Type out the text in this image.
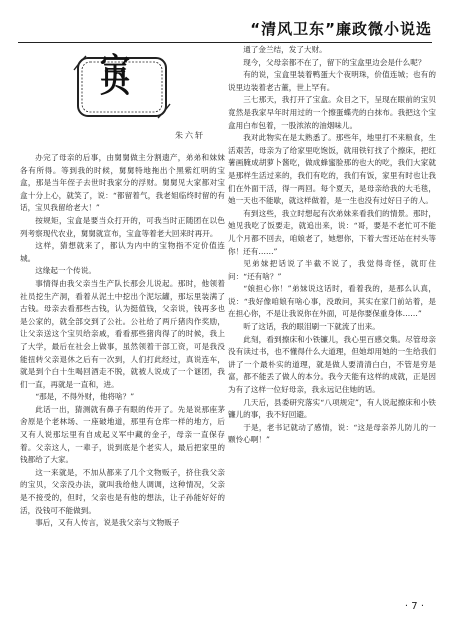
“清风卫东”廉政微小说选
宝 贝
朱六轩

办完了母亲的后事，由舅舅做主分割遗产，弟弟和妹妹各有所得。等到我的时候，舅舅特地拖出个黑紫红明的宝盒，那是当年侄子去世时我家分的浮财。舅舅见大家都对宝盒十分上心，就笑了，说：“都留着气，我老姐临终时留的有话，宝贝我留给老大！”

按规矩，宝盒是要当众打开的，可我当时正随团在以色列考察现代农业，舅舅就宣布，宝盒等着老大回来时再开。

这样，猜想就来了，都认为内中的宝物指不定价值连城。

这缘起一个传说。

事情得由我父亲当生产队长那会儿说起。那时，他领着社员挖生产洞，看着从泥土中挖出个泥坛罐，那坛里装满了古钱。母亲去看那些古钱，认为挺值钱，父亲说，钱再多也是公家的，就全部交到了公社。公社给了两斤猪肉作奖励，让父亲送这个宝贝给亲戚，看看那些猪肉得了的时候，我上了大学，最后在社会上做事，虽然领着干部工资，可是我没能扭转父亲退休之后有一次到，人们打此经过，真说连车，就是到个白十生喝回酒走不脱，就被人说成了一个谜团，我们一直，再就是一直和，进。

“那是，不得外财，他将啥？”

此话一出，猜测就有鼻子有眼的传开了。先是说那座茅舍原是个老林场、一座破地道，那里有仓库一样的地方，后又有人说那坛里有自成起义军中藏的金子，母亲一直保存着。父亲这人，一辈子，说到底是个老实人，最后把家里的钱都给了大家。

这一来就是，不加从都来了几个文物贩子，挤住我父亲的宝贝，父亲没办法，就叫我给他人调调，这种情况，父亲是不接受的，但时，父亲也是有他的想法，让子孙能好好的活，没钱可不能做到。

事后，又有人传言，说是我父亲与文物贩子

通了金兰结，发了大财。

现今，父母亲都不在了，留下的宝盒里边会是什么呢？

有的说，宝盒里装着鸭蛋大个夜明珠，价值连城；也有的说里边装着老古董，世上罕有。

三七那天，我打开了宝盒。众目之下，呈现在眼前的宝贝竟然是我家早年时用过的一个擦蛋蝶壳的白抹布。我把这个宝盒用白布包着，一股浓浓的油烟味儿。

我对此物实在是太熟悉了。那些年，地里打不来粮食，生活艰苦，母亲为了给家里吃饱饭，就用铁钉找了个擦床，把红薯画腌成胡萝卜酱吃，做成蜂蜜脸那的也大的吃，我们大家就是那样生活过来的，我们有吃的，我们有饭，家里有时也让我们在外面干活，得一两回。每个夏天，是母亲给我的大毛毯，她一天也不能歇，就这样做着，是一生也没有过好日子的人。

有到这些，我立时想起有次弟妹来看我们的情景。那时，她见我吃了饭要走，就追出来，说：“哥，要是不老忙可不能儿个月都不回去，咱娘老了，她想你，下着大雪还站在村头等你！还有……”

见弟妹把话说了半截不说了，我觉得奇怪，就盯住问：“还有啥？”

“娘担心你！”弟妹说这话时，看着我的，是那么认真，说：“我好像咱娘有啥心事，没敢问，其实在家门前站着，是在担心你，不是让我说你在外面，可是你要保重身体……”

听了这话，我的眼泪刷一下就流了出来。

此刻，看到擦床和小铁镰儿，我心里百感交集。尽管母亲没有读过书，也不懂得什么大道理，但她却用她的一生给我们讲了一个最朴实的道理，就是做人要清清白白，不管是穷是富，都不能丢了做人的本分。我今天能有这样的成就，正是因为有了这样一位好母亲，我永远记住她的话。

几天后，县委研究落实“八项规定”，有人说起擦床和小铁镰儿的事，我不好回避。

于是，老书记就动了感情，说：“这是母亲养儿防儿的一颗怜心啊！”

· 7 ·
